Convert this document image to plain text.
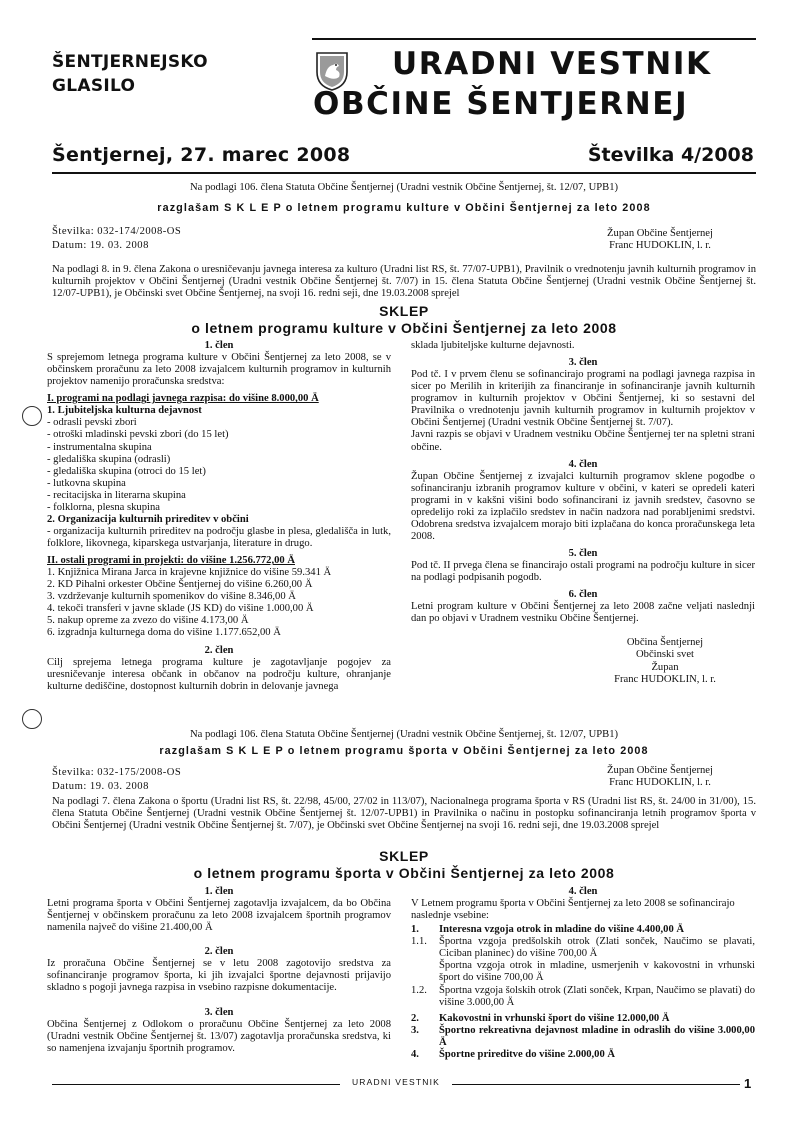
ŠENTJERNEJSKO
GLASILO
URADNI VESTNIK
OBČINE ŠENTJERNEJ
Šentjernej, 27. marec 2008	Številka 4/2008
Na podlagi 106. člena Statuta Občine Šentjernej (Uradni vestnik Občine Šentjernej, št. 12/07, UPB1)
razglašam S K L E P o letnem programu kulture v Občini Šentjernej za leto 2008
Številka: 032-174/2008-OS
Datum: 19. 03. 2008
Župan Občine Šentjernej
Franc HUDOKLIN, l. r.
Na podlagi 8. in 9. člena Zakona o uresničevanju javnega interesa za kulturo (Uradni list RS, št. 77/07-UPB1), Pravilnik o vrednotenju javnih kulturnih programov in kulturnih projektov v Občini Šentjernej (Uradni vestnik Občine Šentjernej št. 7/07) in 15. člena Statuta Občine Šentjernej (Uradni vestnik Občine Šentjernej št. 12/07-UPB1), je Občinski svet Občine Šentjernej, na svoji 16. redni seji, dne 19.03.2008 sprejel
SKLEP
o letnem programu kulture v Občini Šentjernej za leto 2008
1. člen
S sprejemom letnega programa kulture v Občini Šentjernej za leto 2008, se v občinskem proračunu za leto 2008 izvajalcem kulturnih programov in kulturnih projektov namenijo proračunska sredstva:
I. programi na podlagi javnega razpisa: do višine 8.000,00 Ä
1. Ljubiteljska kulturna dejavnost
- odrasli pevski zbori
- otroški mladinski pevski zbori (do 15 let)
- instrumentalna skupina
- gledališka skupina (odrasli)
- gledališka skupina (otroci do 15 let)
- lutkovna skupina
- recitacijska in literarna skupina
- folklorna, plesna skupina
2. Organizacija kulturnih prireditev v občini
- organizacija kulturnih prireditev na področju glasbe in plesa, gledališča in lutk, folklore, likovnega, kiparskega ustvarjanja, literature in drugo.
II. ostali programi in projekti: do višine 1.256.772,00 Ä
1. Knjižnica Mirana Jarca in krajevne knjižnice do višine 59.341 Ä
2. KD Pihalni orkester Občine Šentjernej do višine 6.260,00 Ä
3. vzdrževanje kulturnih spomenikov do višine 8.346,00 Ä
4. tekoči transferi v javne sklade (JS KD) do višine 1.000,00 Ä
5. nakup opreme za zvezo do višine 4.173,00 Ä
6. izgradnja kulturnega doma do višine 1.177.652,00 Ä
2. člen
Cilj sprejema letnega programa kulture je zagotavljanje pogojev za uresničevanje interesa občank in občanov na področju kulture, ohranjanje kulturne dediščine, dostopnost kulturnih dobrin in delovanje javnega
sklada ljubiteljske kulturne dejavnosti.
3. člen
Pod tč. I v prvem členu se sofinancirajo programi na podlagi javnega razpisa in sicer po Merilih in kriterijih za financiranje in sofinanciranje javnih kulturnih programov in kulturnih projektov v Občini Šentjernej, ki so sestavni del Pravilnika o vrednotenju javnih kulturnih programov in kulturnih projektov v Občini Šentjernej (Uradni vestnik Občine Šentjernej št. 7/07).
Javni razpis se objavi v Uradnem vestniku Občine Šentjernej ter na spletni strani občine.
4. člen
Župan Občine Šentjernej z izvajalci kulturnih programov sklene pogodbe o sofinanciranju izbranih programov kulture v občini, v kateri se opredeli kateri programi in v kakšni višini bodo sofinancirani iz javnih sredstev, časovno se opredelijo roki za izplačilo sredstev in način nadzora nad porabljenimi sredstvi. Odobrena sredstva izvajalcem morajo biti izplačana do konca proračunskega leta 2008.
5. člen
Pod tč. II prvega člena se financirajo ostali programi na področju kulture in sicer na podlagi podpisanih pogodb.
6. člen
Letni program kulture v Občini Šentjernej za leto 2008 začne veljati naslednji dan po objavi v Uradnem vestniku Občine Šentjernej.
Občina Šentjernej
Občinski svet
Župan
Franc HUDOKLIN, l. r.
Na podlagi 106. člena Statuta Občine Šentjernej (Uradni vestnik Občine Šentjernej, št. 12/07, UPB1)
razglašam S K L E P o letnem programu športa v Občini Šentjernej za leto 2008
Številka: 032-175/2008-OS
Datum: 19. 03. 2008
Župan Občine Šentjernej
Franc HUDOKLIN, l. r.
Na podlagi 7. člena Zakona o športu (Uradni list RS, št. 22/98, 45/00, 27/02 in 113/07), Nacionalnega programa športa v RS (Uradni list RS, št. 24/00 in 31/00), 15. člena Statuta Občine Šentjernej (Uradni vestnik Občine Šentjernej št. 12/07-UPB1) in Pravilnika o načinu in postopku sofinanciranja letnih programov športa v Občini Šentjernej (Uradni vestnik Občine Šentjernej št. 7/07), je Občinski svet Občine Šentjernej na svoji 16. redni seji, dne 19.03.2008 sprejel
SKLEP
o letnem programu športa v Občini Šentjernej za leto 2008
1. člen
Letni programa športa v Občini Šentjernej zagotavlja izvajalcem, da bo Občina Šentjernej v občinskem proračunu za leto 2008 izvajalcem športnih programov namenila največ do višine 21.400,00 Ä
2. člen
Iz proračuna Občine Šentjernej se v letu 2008 zagotovijo sredstva za sofinanciranje programov športa, ki jih izvajalci športne dejavnosti prijavijo skladno s pogoji javnega razpisa in vsebino razpisne dokumentacije.
3. člen
Občina Šentjernej z Odlokom o proračunu Občine Šentjernej za leto 2008 (Uradni vestnik Občine Šentjernej št. 13/07) zagotavlja proračunska sredstva, ki so namenjena izvajanju športnih programov.
4. člen
V Letnem programu športa v Občini Šentjernej za leto 2008 se sofinancirajo naslednje vsebine:
1.	Interesna vzgoja otrok in mladine do višine 4.400,00 Ä
1.1.	Športna vzgoja predšolskih otrok (Zlati sonček, Naučimo se plavati, Ciciban planinec) do višine 700,00 Ä
Športna vzgoja otrok in mladine, usmerjenih v kakovostni in vrhunski šport do višine 700,00 Ä
1.2.	Športna vzgoja šolskih otrok (Zlati sonček, Krpan, Naučimo se plavati) do višine 3.000,00 Ä
2.	Kakovostni in vrhunski šport do višine 12.000,00 Ä
3.	Športno rekreativna dejavnost mladine in odraslih do višine 3.000,00 Ä
4.	Športne prireditve do višine 2.000,00 Ä
URADNI VESTNIK	1
